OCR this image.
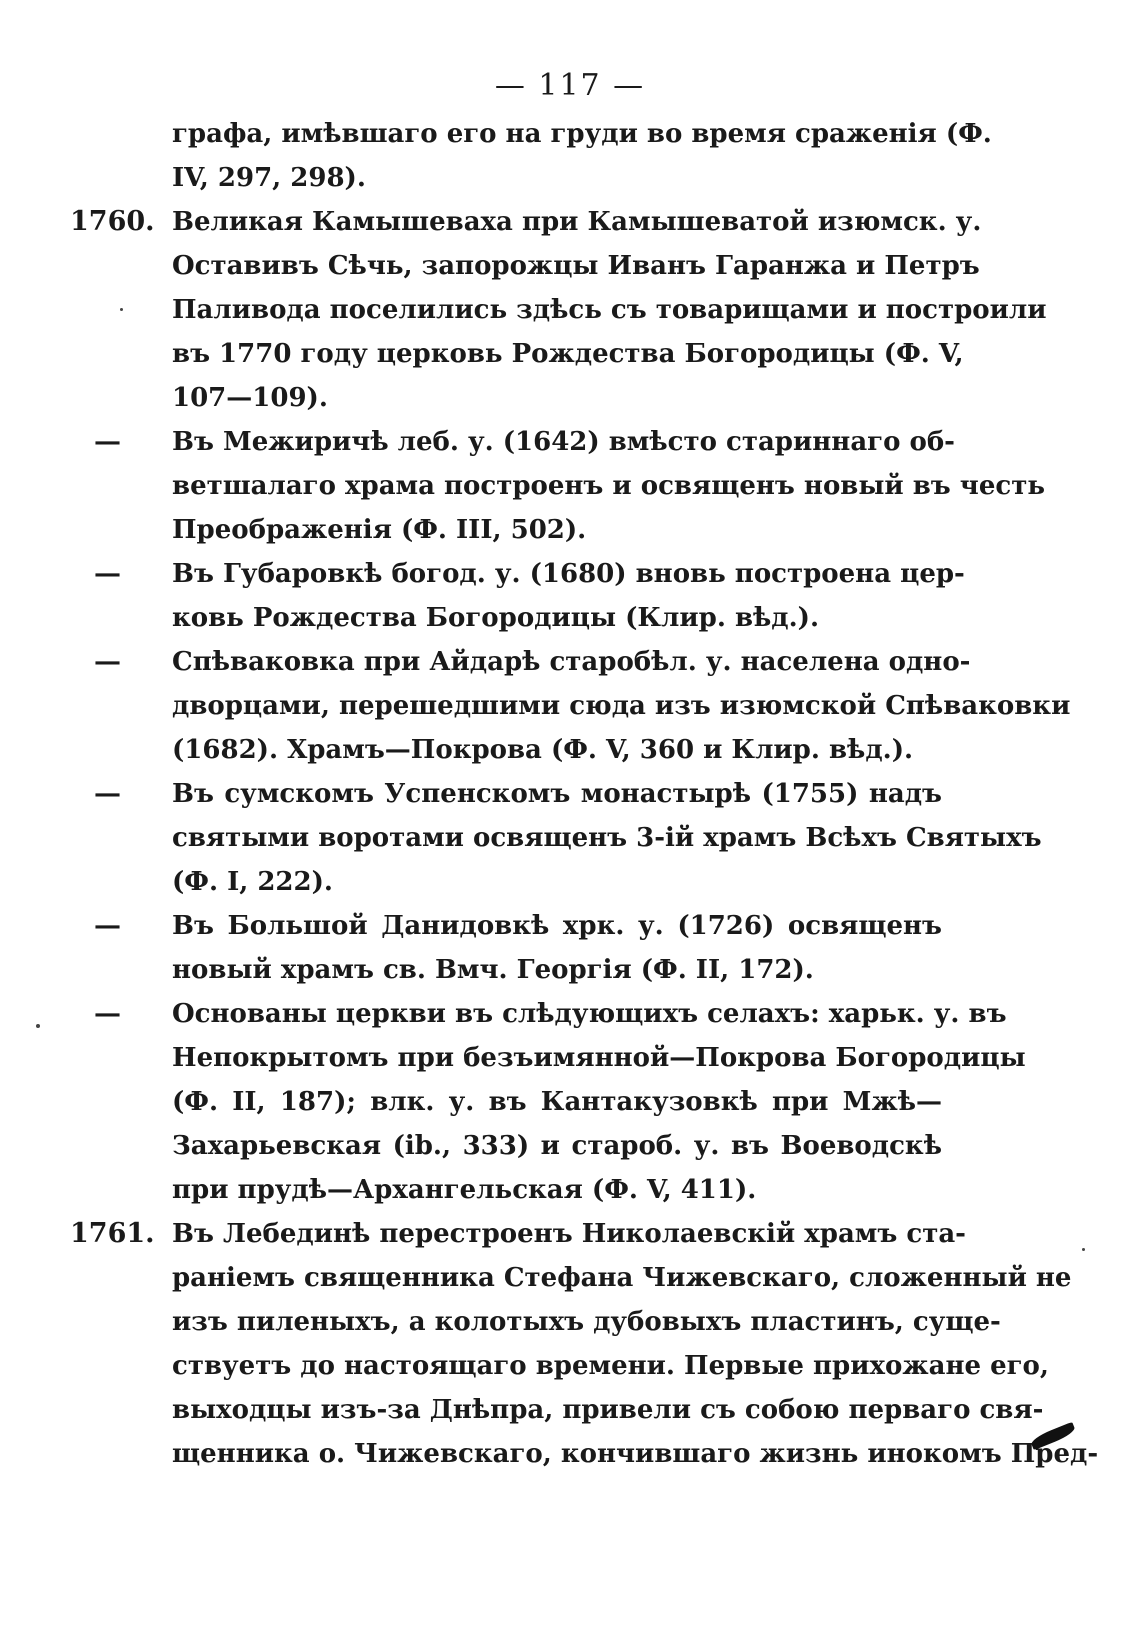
— 117 —
графа, имѣвшаго его на груди во время сраженія (Ф.
IV, 297, 298).
1760. Великая Камышеваха при Камышеватой изюмск. у.
Оставивъ Сѣчь, запорожцы Иванъ Гаранжа и Петръ
Паливода поселились здѣсь съ товарищами и построили
въ 1770 году церковь Рождества Богородицы (Ф. V,
107—109).
—	Въ Межиричѣ леб. у. (1642) вмѣсто стариннаго об-
ветшалаго храма построенъ и освященъ новый въ честь
Преображенія (Ф. III, 502).
—	Въ Губаровкѣ богод. у. (1680) вновь построена цер-
ковь Рождества Богородицы (Клир. вѣд.).
—	Спѣваковка при Айдарѣ старобѣл. у. населена одно-
дворцами, перешедшими сюда изъ изюмской Спѣваковки
(1682). Храмъ—Покрова (Ф. V, 360 и Клир. вѣд.).
—	Въ сумскомъ Успенскомъ монастырѣ (1755) надъ
святыми воротами освященъ 3-ій храмъ Всѣхъ Святыхъ
(Ф. I, 222).
—	Въ Большой Данидовкѣ хрк. у. (1726) освященъ
новый храмъ св. Вмч. Георгія (Ф. II, 172).
—	Основаны церкви въ слѣдующихъ селахъ: харьк. у. въ
Непокрытомъ при безъимянной—Покрова Богородицы
(Ф. II, 187); влк. у. въ Кантакузовкѣ при Мжѣ—
Захарьевская (ib., 333) и староб. у. въ Воеводскѣ
при прудѣ—Архангельская (Ф. V, 411).
1761. Въ Лебединѣ перестроенъ Николаевскій храмъ ста-
раніемъ священника Стефана Чижевскаго, сложенный не
изъ пиленыхъ, а колотыхъ дубовыхъ пластинъ, суще-
ствуетъ до настоящаго времени. Первые прихожане его,
выходцы изъ-за Днѣпра, привели съ собою перваго свя-
щенника о. Чижевскаго, кончившаго жизнь инокомъ Пред-
